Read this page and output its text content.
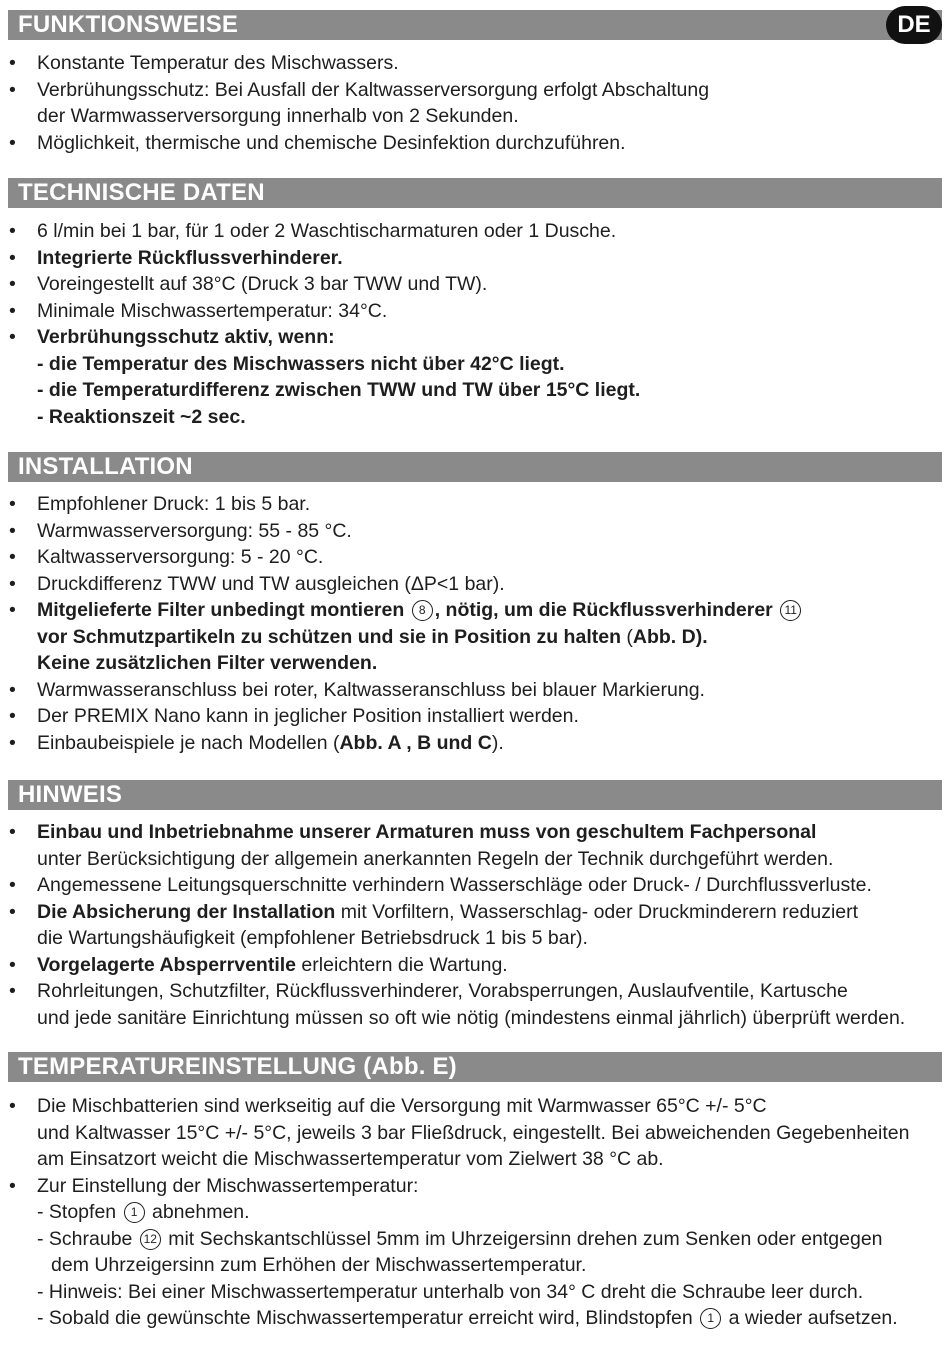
FUNKTIONSWEISE	DE
• Konstante Temperatur des Mischwassers.
• Verbrühungsschutz: Bei Ausfall der Kaltwasserversorgung erfolgt Abschaltung
der Warmwasserversorgung innerhalb von 2 Sekunden.
• Möglichkeit, thermische und chemische Desinfektion durchzuführen.
TECHNISCHE DATEN
• 6 l/min bei 1 bar, für 1 oder 2 Waschtischarmaturen oder 1 Dusche.
• Integrierte Rückflussverhinderer.
• Voreingestellt auf 38°C (Druck 3 bar TWW und TW).
• Minimale Mischwassertemperatur: 34°C.
• Verbrühungsschutz aktiv, wenn:
- die Temperatur des Mischwassers nicht über 42°C liegt.
- die Temperaturdifferenz zwischen TWW und TW über 15°C liegt.
- Reaktionszeit ~2 sec.
INSTALLATION
• Empfohlener Druck: 1 bis 5 bar.
• Warmwasserversorgung: 55 - 85 °C.
• Kaltwasserversorgung: 5 - 20 °C.
• Druckdifferenz TWW und TW ausgleichen (ΔP<1 bar).
• Mitgelieferte Filter unbedingt montieren 8 , nötig, um die Rückflussverhinderer 11
vor Schmutzpartikeln zu schützen und sie in Position zu halten (Abb. D).
Keine zusätzlichen Filter verwenden.
• Warmwasseranschluss bei roter, Kaltwasseranschluss bei blauer Markierung.
• Der PREMIX Nano kann in jeglicher Position installiert werden.
• Einbaubeispiele je nach Modellen (Abb. A , B und C).
HINWEIS
• Einbau und Inbetriebnahme unserer Armaturen muss von geschultem Fachpersonal
unter Berücksichtigung der allgemein anerkannten Regeln der Technik durchgeführt werden.
• Angemessene Leitungsquerschnitte verhindern Wasserschläge oder Druck- / Durchflussverluste.
• Die Absicherung der Installation mit Vorfiltern, Wasserschlag- oder Druckminderern reduziert
die Wartungshäufigkeit (empfohlener Betriebsdruck 1 bis 5 bar).
• Vorgelagerte Absperrventile erleichtern die Wartung.
• Rohrleitungen, Schutzfilter, Rückflussverhinderer, Vorabsperrungen, Auslaufventile, Kartusche
und jede sanitäre Einrichtung müssen so oft wie nötig (mindestens einmal jährlich) überprüft werden.
TEMPERATUREINSTELLUNG (Abb. E)
• Die Mischbatterien sind werkseitig auf die Versorgung mit Warmwasser 65°C +/- 5°C
und Kaltwasser 15°C +/- 5°C, jeweils 3 bar Fließdruck, eingestellt. Bei abweichenden Gegebenheiten
am Einsatzort weicht die Mischwassertemperatur vom Zielwert 38 °C ab.
• Zur Einstellung der Mischwassertemperatur:
- Stopfen 1 abnehmen.
- Schraube 12 mit Sechskantschlüssel 5mm im Uhrzeigersinn drehen zum Senken oder entgegen
dem Uhrzeigersinn zum Erhöhen der Mischwassertemperatur.
- Hinweis: Bei einer Mischwassertemperatur unterhalb von 34° C dreht die Schraube leer durch.
- Sobald die gewünschte Mischwassertemperatur erreicht wird, Blindstopfen 1 a wieder aufsetzen.
